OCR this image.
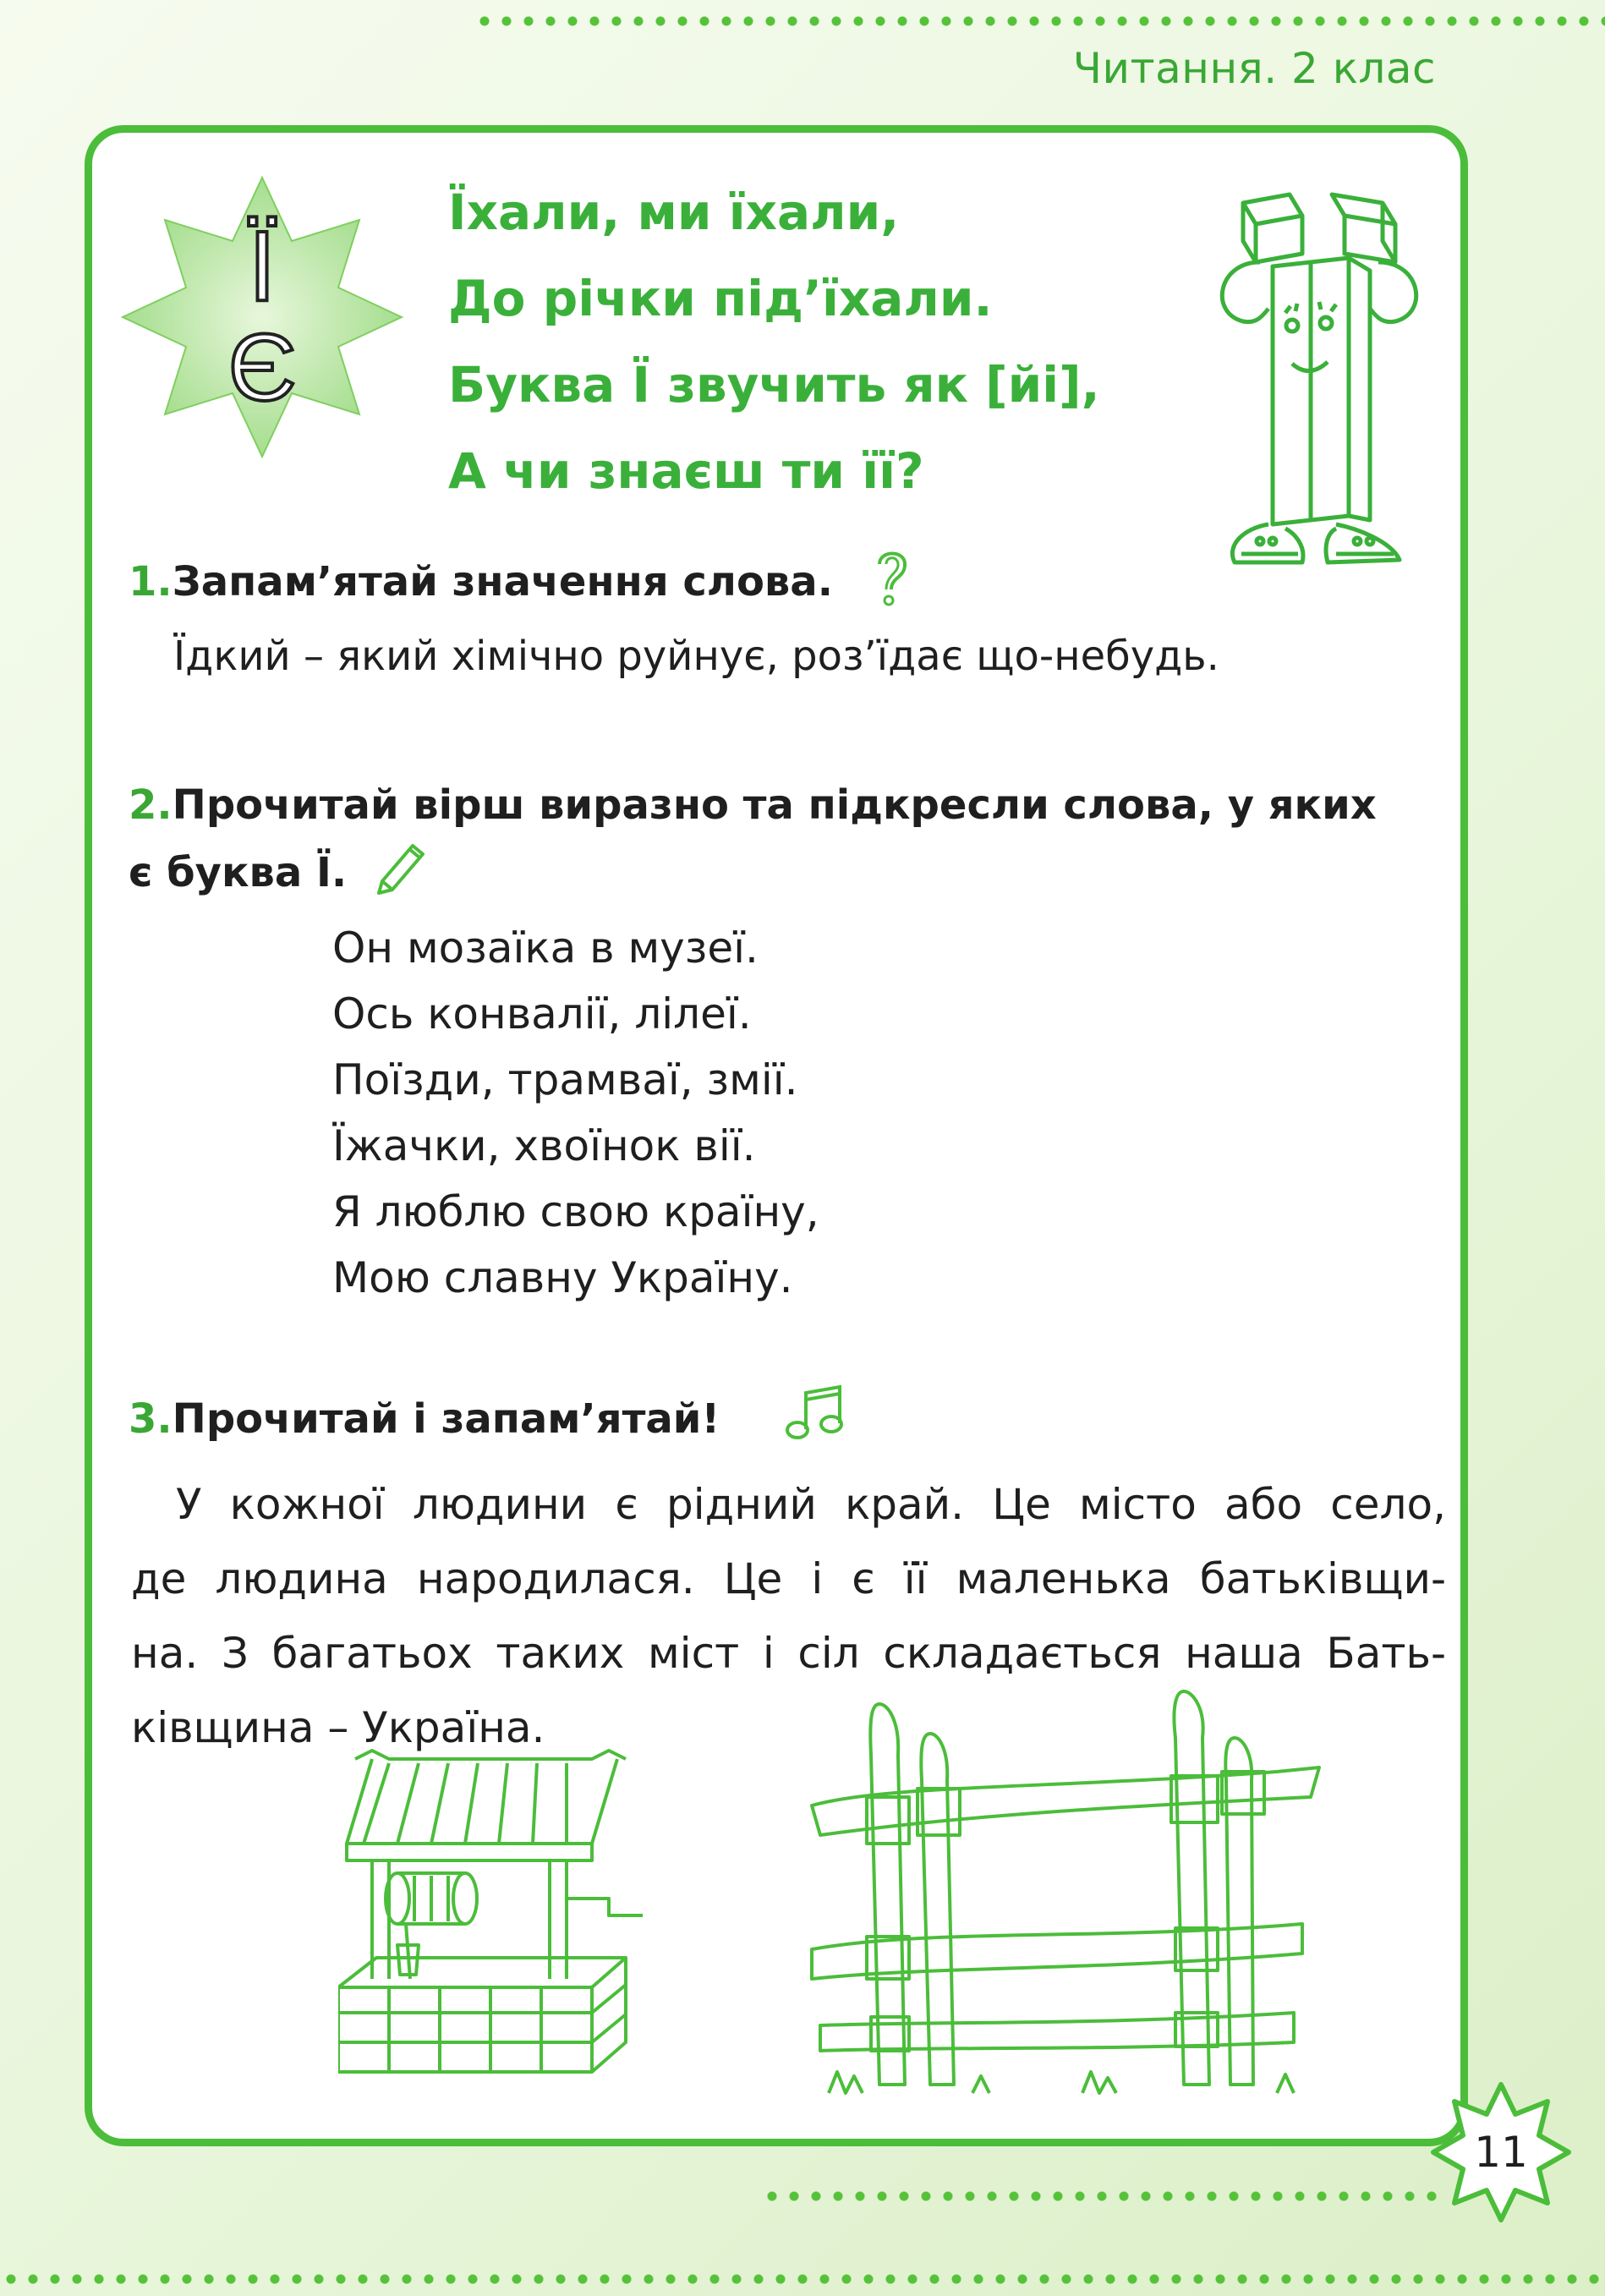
Читання. 2 клас
Ї
Є
Їхали, ми їхали,
До річки під’їхали.
Буква Ї звучить як [йі],
А чи знаєш ти її?
1.Запам’ятай значення слова.
Їдкий – який хімічно руйнує, роз’їдає що-небудь.
2.Прочитай вірш виразно та підкресли слова, у яких
є буква Ї.
Он мозаїка в музеї.
Ось конвалії, лілеї.
Поїзди, трамваї, змії.
Їжачки, хвоїнок вії.
Я люблю свою країну,
Мою славну Україну.
3.Прочитай і запам’ятай!
У кожної людини є рідний край. Це місто або село,
де людина народилася. Це і є її маленька батьківщи-
на. З багатьох таких міст і сіл складається наша Бать-
ківщина – Україна.
11
